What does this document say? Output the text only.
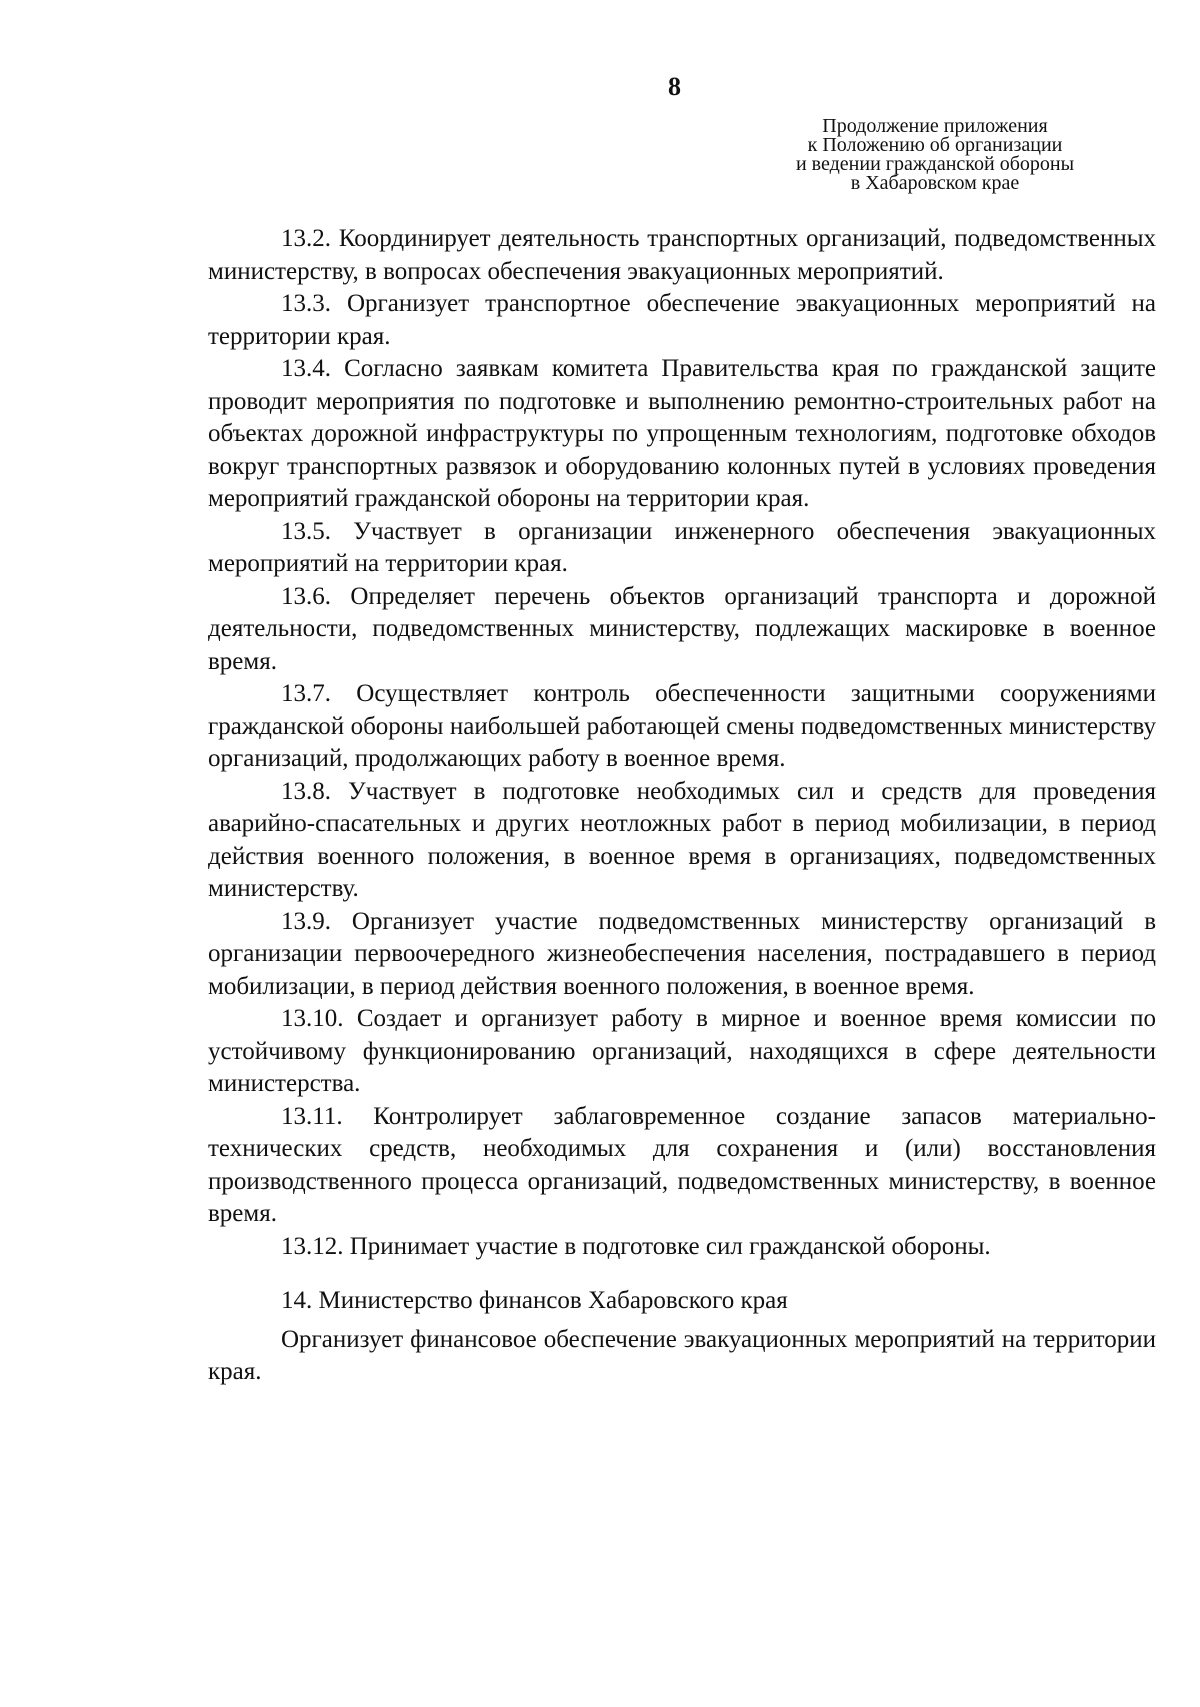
8
Продолжение приложения
к Положению об организации
и ведении гражданской обороны
в Хабаровском крае

13.2. Координирует деятельность транспортных организаций, подведомственных министерству, в вопросах обеспечения эвакуационных мероприятий.

13.3. Организует транспортное обеспечение эвакуационных мероприятий на территории края.

13.4. Согласно заявкам комитета Правительства края по гражданской защите проводит мероприятия по подготовке и выполнению ремонтно-строительных работ на объектах дорожной инфраструктуры по упрощенным технологиям, подготовке обходов вокруг транспортных развязок и оборудованию колонных путей в условиях проведения мероприятий гражданской обороны на территории края.

13.5. Участвует в организации инженерного обеспечения эвакуационных мероприятий на территории края.

13.6. Определяет перечень объектов организаций транспорта и дорожной деятельности, подведомственных министерству, подлежащих маскировке в военное время.

13.7. Осуществляет контроль обеспеченности защитными сооружениями гражданской обороны наибольшей работающей смены подведомственных министерству организаций, продолжающих работу в военное время.

13.8. Участвует в подготовке необходимых сил и средств для проведения аварийно-спасательных и других неотложных работ в период мобилизации, в период действия военного положения, в военное время в организациях, подведомственных министерству.

13.9. Организует участие подведомственных министерству организаций в организации первоочередного жизнеобеспечения населения, пострадавшего в период мобилизации, в период действия военного положения, в военное время.

13.10. Создает и организует работу в мирное и военное время комиссии по устойчивому функционированию организаций, находящихся в сфере деятельности министерства.

13.11. Контролирует заблаговременное создание запасов материально-технических средств, необходимых для сохранения и (или) восстановления производственного процесса организаций, подведомственных министерству, в военное время.

13.12. Принимает участие в подготовке сил гражданской обороны.

14. Министерство финансов Хабаровского края

Организует финансовое обеспечение эвакуационных мероприятий на территории края.
